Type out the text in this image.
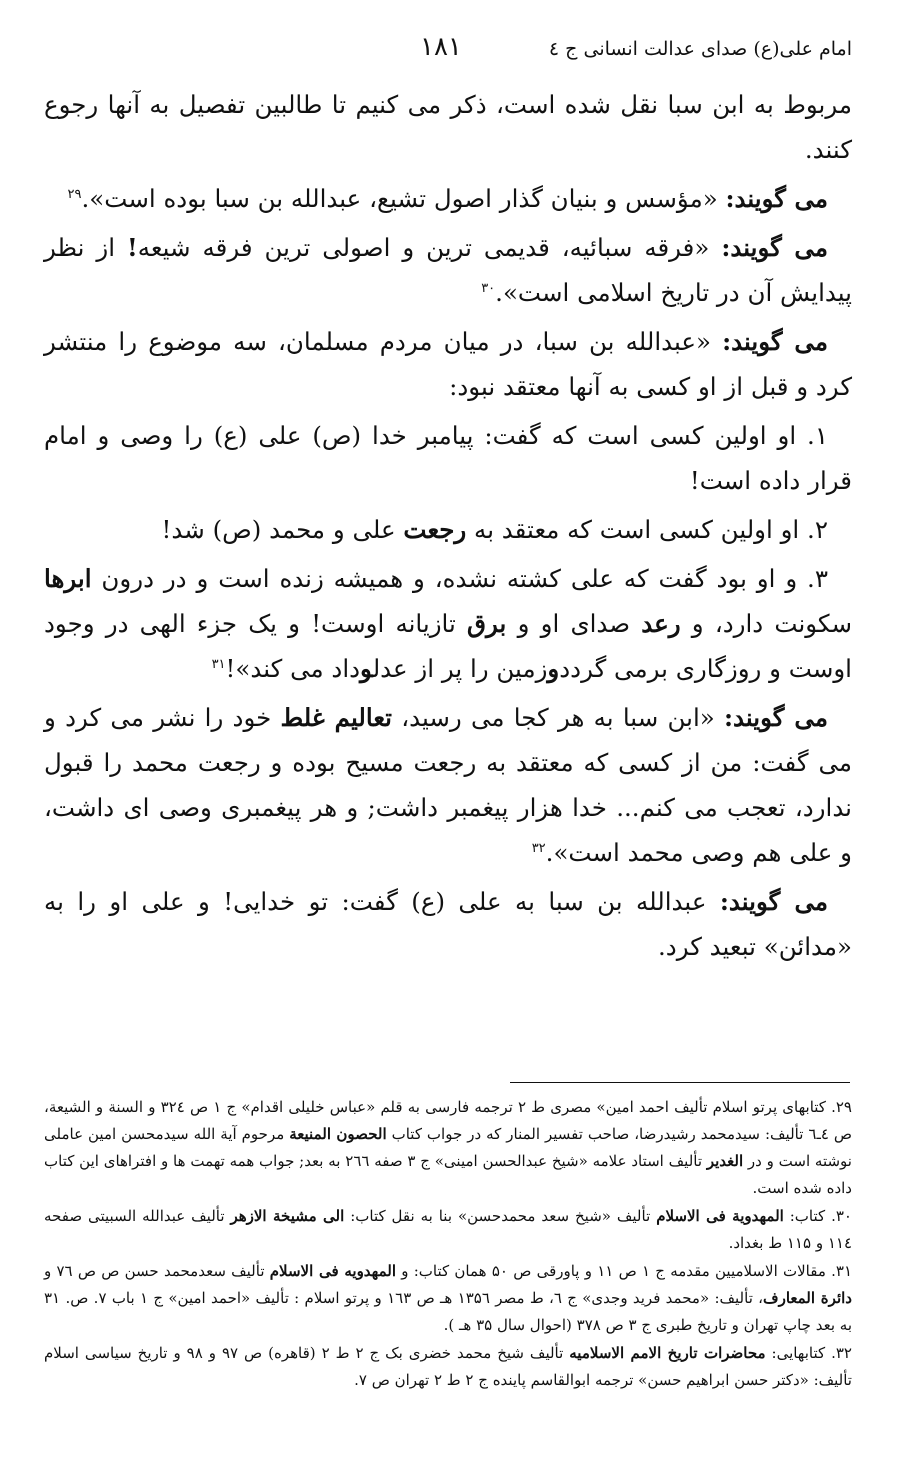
امام علی(ع) صدای عدالت انسانی ج ٤
۱۸۱

مربوط به ابن سبا نقل شده است، ذکر می کنیم تا طالبین تفصیل به آنها رجوع کنند.

می گویند: «مؤسس و بنیان گذار اصول تشیع، عبدالله بن سبا بوده است».$^{۲۹}$

می گویند: «فرقه سبائیه، قدیمی ترین و اصولی ترین فرقه شیعه! از نظر پیدایش آن در تاریخ اسلامی است».$^{۳۰}$

می گویند: «عبدالله بن سبا، در میان مردم مسلمان، سه موضوع را منتشر کرد و قبل از او کسی به آنها معتقد نبود:

۱. او اولین کسی است که گفت: پیامبر خدا (ص) علی (ع) را وصی و امام قرار داده است!

۲. او اولین کسی است که معتقد به رجعت علی و محمد (ص) شد!

۳. و او بود گفت که علی کشته نشده، و همیشه زنده است و در درون ابرها سکونت دارد، و رعد صدای او و برق تازیانه اوست! و یک جزء الهی در وجود اوست و روزگاری برمی گرددوزمین را پر از عدلوداد می کند»!$^{۳۱}$

می گویند: «ابن سبا به هر کجا می رسید، تعالیم غلط خود را نشر می کرد و می گفت: من از کسی که معتقد به رجعت مسیح بوده و رجعت محمد را قبول ندارد، تعجب می کنم... خدا هزار پیغمبر داشت; و هر پیغمبری وصی ای داشت، و علی هم وصی محمد است».$^{۳۲}$

می گویند: عبدالله بن سبا به علی (ع) گفت: تو خدایی! و علی او را به «مدائن» تبعید کرد.

۲۹. کتابهای پرتو اسلام تألیف احمد امین» مصری ط ۲ ترجمه فارسی به قلم «عباس خلیلی اقدام» ج ۱ ص ۳۲٤ و السنة و الشیعة، ص ٤ـ٦ تألیف: سیدمحمد رشیدرضا، صاحب تفسیر المنار که در جواب کتاب الحصون المنیعة مرحوم آیة الله سیدمحسن امین عاملی نوشته است و در الغدیر تألیف استاد علامه «شیخ عبدالحسن امینی» ج ۳ صفه ۲٦٦ به بعد; جواب همه تهمت ها و افتراهای این کتاب داده شده است.

۳۰. کتاب: المهدویة فی الاسلام تألیف «شیخ سعد محمدحسن» بنا به نقل کتاب: الی مشیخة الازهر تألیف عبدالله السبیتی صفحه ۱۱٤ و ۱۱۵ ط بغداد.

۳۱. مقالات الاسلامیین مقدمه ج ۱ ص ۱۱ و پاورقی ص ۵۰ همان کتاب: و المهدویه فی الاسلام تألیف سعدمحمد حسن ص ص ۷٦ و دائرة المعارف، تألیف: «محمد فرید وجدی» ج ٦، ط مصر ۱۳۵٦ هـ ص ۱٦۳ و پرتو اسلام : تألیف «احمد امین» ج ۱ باب ۷. ص. ۳۱ به بعد چاپ تهران و تاریخ طبری ج ۳ ص ۳۷۸ (احوال سال ۳۵ هـ ).

۳۲. کتابهایی: محاضرات تاریخ الامم الاسلامیه تألیف شیخ محمد خضری بک ج ۲ ط ۲ (قاهره) ص ۹۷ و ۹۸ و تاریخ سیاسی اسلام تألیف: «دکتر حسن ابراهیم حسن» ترجمه ابوالقاسم پاینده ج ۲ ط ۲ تهران ص ۷.
